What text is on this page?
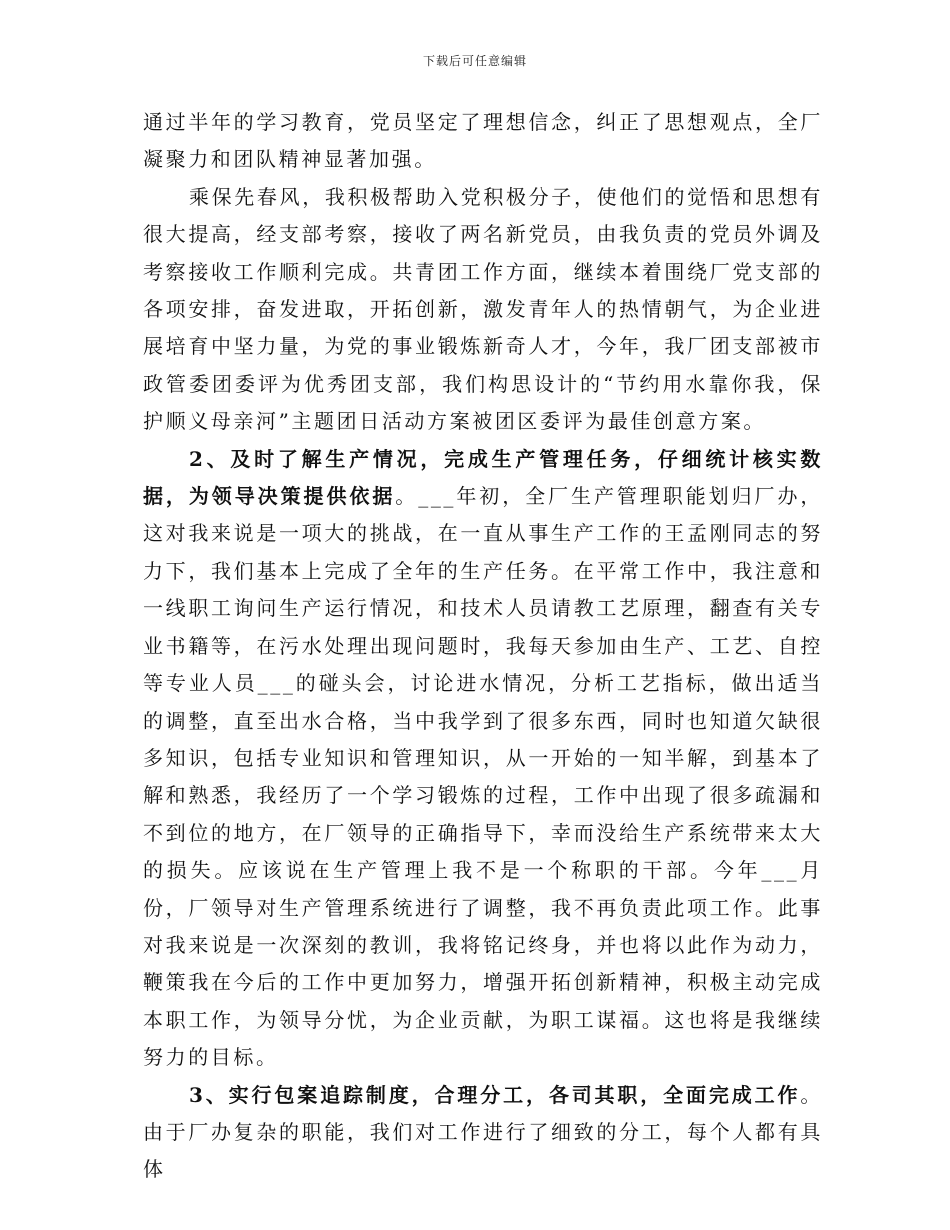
下载后可任意编辑

通过半年的学习教育，党员坚定了理想信念，纠正了思想观点，全厂凝聚力和团队精神显著加强。

乘保先春风，我积极帮助入党积极分子，使他们的觉悟和思想有很大提高，经支部考察，接收了两名新党员，由我负责的党员外调及考察接收工作顺利完成。共青团工作方面，继续本着围绕厂党支部的各项安排，奋发进取，开拓创新，激发青年人的热情朝气，为企业进展培育中坚力量，为党的事业锻炼新奇人才，今年，我厂团支部被市政管委团委评为优秀团支部，我们构思设计的“节约用水靠你我，保护顺义母亲河”主题团日活动方案被团区委评为最佳创意方案。

2、及时了解生产情况，完成生产管理任务，仔细统计核实数据，为领导决策提供依据。___年初，全厂生产管理职能划归厂办，这对我来说是一项大的挑战，在一直从事生产工作的王孟刚同志的努力下，我们基本上完成了全年的生产任务。在平常工作中，我注意和一线职工询问生产运行情况，和技术人员请教工艺原理，翻查有关专业书籍等，在污水处理出现问题时，我每天参加由生产、工艺、自控等专业人员___的碰头会，讨论进水情况，分析工艺指标，做出适当的调整，直至出水合格，当中我学到了很多东西，同时也知道欠缺很多知识，包括专业知识和管理知识，从一开始的一知半解，到基本了解和熟悉，我经历了一个学习锻炼的过程，工作中出现了很多疏漏和不到位的地方，在厂领导的正确指导下，幸而没给生产系统带来太大的损失。应该说在生产管理上我不是一个称职的干部。今年___月份，厂领导对生产管理系统进行了调整，我不再负责此项工作。此事对我来说是一次深刻的教训，我将铭记终身，并也将以此作为动力，鞭策我在今后的工作中更加努力，增强开拓创新精神，积极主动完成本职工作，为领导分忧，为企业贡献，为职工谋福。这也将是我继续努力的目标。

3、实行包案追踪制度，合理分工，各司其职，全面完成工作。由于厂办复杂的职能，我们对工作进行了细致的分工，每个人都有具体
